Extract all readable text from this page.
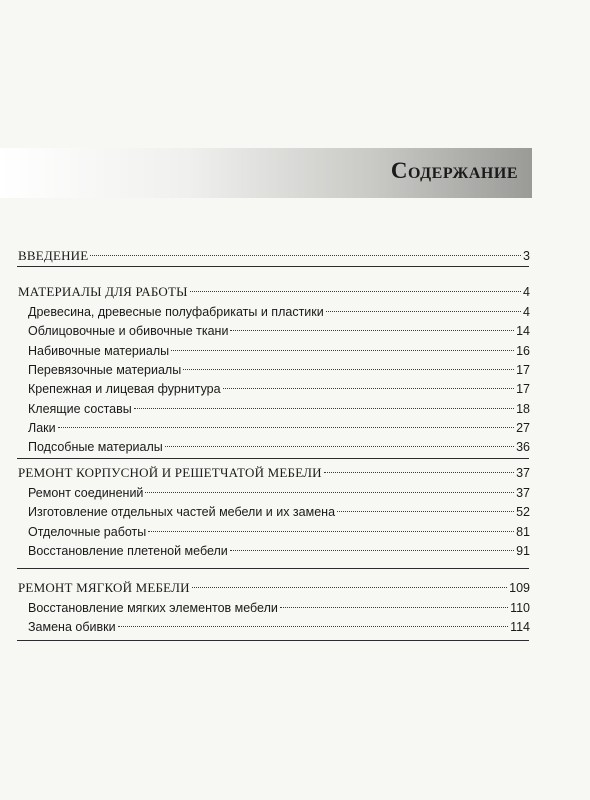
Содержание
ВВЕДЕНИЕ	3
МАТЕРИАЛЫ ДЛЯ РАБОТЫ	4
Древесина, древесные полуфабрикаты и пластики	4
Облицовочные и обивочные ткани	14
Набивочные материалы	16
Перевязочные материалы	17
Крепежная и лицевая фурнитура	17
Клеящие составы	18
Лаки	27
Подсобные материалы	36
РЕМОНТ КОРПУСНОЙ И РЕШЕТЧАТОЙ МЕБЕЛИ	37
Ремонт соединений	37
Изготовление отдельных частей мебели и их замена	52
Отделочные работы	81
Восстановление плетеной мебели	91
РЕМОНТ МЯГКОЙ МЕБЕЛИ	109
Восстановление мягких элементов мебели	110
Замена обивки	114
